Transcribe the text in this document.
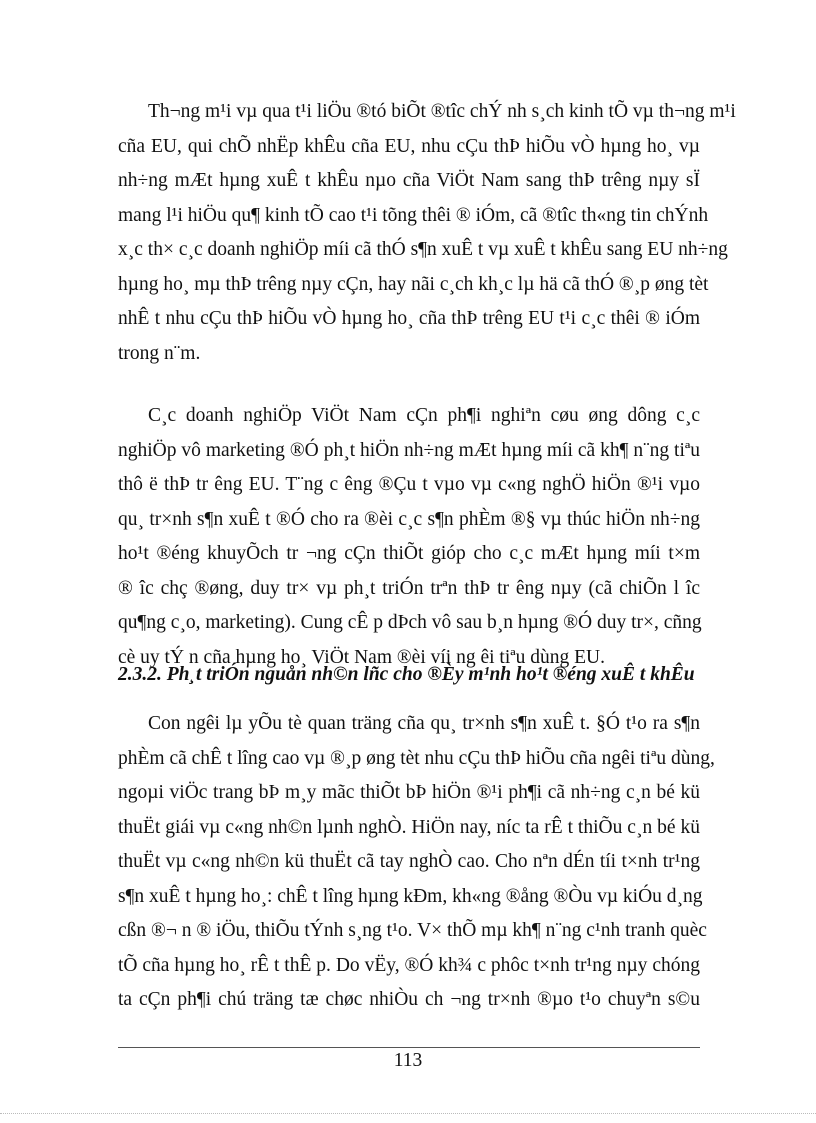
Th¬ng m¹i vµ qua t¹i liÖu ®tó biÕt ®tîc chÝ nh s¸ch kinh tÕ vµ th¬ng m¹i
cña EU, qui chÕ nhËp khÊu cña EU, nhu cÇu thÞ hiÕu vÒ hµng ho¸ vµ
nh÷ng mÆt hµng xuÊ t khÊu nµo cña ViÖt Nam sang thÞ trêng nµy sÏ
mang l¹i hiÖu qu¶ kinh tÕ cao t¹i tõng thêi ® iÓm, cã ®tîc th«ng tin chÝnh
x¸c th× c¸c doanh nghiÖp míi cã thÓ s¶n xuÊ t vµ xuÊ t khÊu sang EU nh÷ng
hµng ho¸ mµ thÞ trêng nµy cÇn, hay nãi c¸ch kh¸c lµ hä cã thÓ ®¸p øng tèt
nhÊ t nhu cÇu thÞ hiÕu vÒ hµng ho¸ cña thÞ trêng EU t¹i c¸c thêi ® iÓm
trong n¨m.
C¸c doanh nghiÖp ViÖt Nam cÇn ph¶i nghiªn cøu øng dông c¸c
nghiÖp vô marketing ®Ó ph¸t hiÖn nh÷ng mÆt hµng míi cã kh¶ n¨ng tiªu
thô ë thÞ tr êng EU. T¨ng c êng ®Çu t vµo vµ c«ng nghÖ hiÖn ®¹i vµo
qu¸ tr×nh s¶n xuÊ t ®Ó cho ra ®èi c¸c s¶n phÈm ®§ vµ thúc hiÖn nh÷ng
ho¹t ®éng khuyÕch tr ¬ng cÇn thiÕt gióp cho c¸c mÆt hµng míi t×m
® îc chç ®øng, duy tr× vµ ph¸t triÓn trªn thÞ tr êng nµy (cã chiÕn l îc
qu¶ng c¸o, marketing). Cung cÊ p dÞch vô sau b¸n hµng ®Ó duy tr×, cñng
cè uy tÝ n cña hµng ho¸ ViÖt Nam ®èi víi ng êi tiªu dùng EU.
2.3.2. Ph¸t triÓn nguån nh©n lñc cho ®Èy m¹nh ho¹t ®éng xuÊ t khÊu
Con ngêi lµ yÕu tè quan träng cña qu¸ tr×nh s¶n xuÊ t. §Ó t¹o ra s¶n
phÈm cã chÊ t lîng cao vµ ®¸p øng tèt nhu cÇu thÞ hiÕu cña ngêi tiªu dùng,
ngoµi viÖc trang bÞ m¸y mãc thiÕt bÞ hiÖn ®¹i ph¶i cã nh÷ng c¸n bé kü
thuËt giái vµ c«ng nh©n lµnh nghÒ. HiÖn nay, níc ta rÊ t thiÕu c¸n bé kü
thuËt vµ c«ng nh©n kü thuËt cã tay nghÒ cao. Cho nªn dÉn tíi t×nh tr¹ng
s¶n xuÊ t hµng ho¸: chÊ t lîng hµng kÐm, kh«ng ®ång ®Òu vµ kiÓu d¸ng
cßn ®¬ n ® iÖu, thiÕu tÝnh s¸ng t¹o. V× thÕ mµ kh¶ n¨ng c¹nh tranh quèc
tÕ cña hµng ho¸ rÊ t thÊ p. Do vËy, ®Ó kh¾ c phôc t×nh tr¹ng nµy chóng
ta cÇn ph¶i chú träng tæ chøc nhiÒu ch ¬ng tr×nh ®µo t¹o chuyªn s©u
113
